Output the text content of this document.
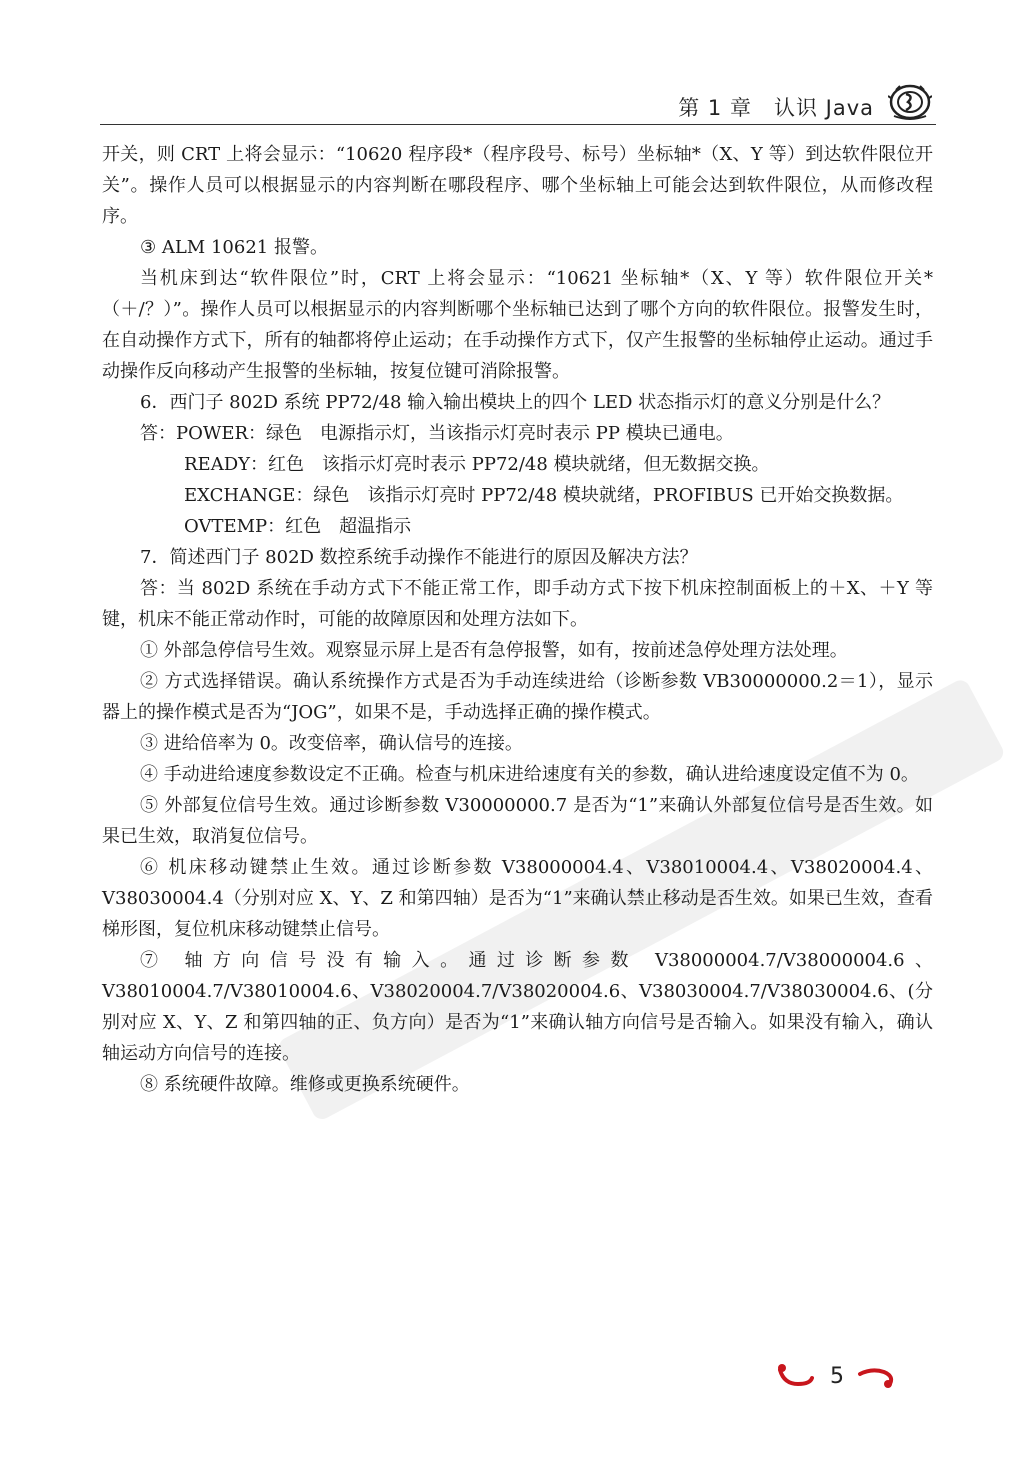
第 1 章　认识 Java

开关，则 CRT 上将会显示：“10620 程序段*（程序段号、标号）坐标轴*（X、Y 等）到达软件限位开关”。操作人员可以根据显示的内容判断在哪段程序、哪个坐标轴上可能会达到软件限位，从而修改程序。

③ ALM 10621 报警。

当机床到达“软件限位”时，CRT 上将会显示：“10621 坐标轴*（X、Y 等）软件限位开关*（＋/？）”。操作人员可以根据显示的内容判断哪个坐标轴已达到了哪个方向的软件限位。报警发生时，在自动操作方式下，所有的轴都将停止运动；在手动操作方式下，仅产生报警的坐标轴停止运动。通过手动操作反向移动产生报警的坐标轴，按复位键可消除报警。

6．西门子 802D 系统 PP72/48 输入输出模块上的四个 LED 状态指示灯的意义分别是什么？

答：POWER：绿色　电源指示灯，当该指示灯亮时表示 PP 模块已通电。

READY：红色　该指示灯亮时表示 PP72/48 模块就绪，但无数据交换。

EXCHANGE：绿色　该指示灯亮时 PP72/48 模块就绪，PROFIBUS 已开始交换数据。

OVTEMP：红色　超温指示

7．简述西门子 802D 数控系统手动操作不能进行的原因及解决方法？

答：当 802D 系统在手动方式下不能正常工作，即手动方式下按下机床控制面板上的＋X、＋Y 等键，机床不能正常动作时，可能的故障原因和处理方法如下。

① 外部急停信号生效。观察显示屏上是否有急停报警，如有，按前述急停处理方法处理。

② 方式选择错误。确认系统操作方式是否为手动连续进给（诊断参数 VB30000000.2＝1），显示器上的操作模式是否为“JOG”，如果不是，手动选择正确的操作模式。

③ 进给倍率为 0。改变倍率，确认信号的连接。

④ 手动进给速度参数设定不正确。检查与机床进给速度有关的参数，确认进给速度设定值不为 0。

⑤ 外部复位信号生效。通过诊断参数 V30000000.7 是否为“1”来确认外部复位信号是否生效。如果已生效，取消复位信号。

⑥ 机床移动键禁止生效。通过诊断参数 V38000004.4、V38010004.4、V38020004.4、V38030004.4（分别对应 X、Y、Z 和第四轴）是否为“1”来确认禁止移动是否生效。如果已生效，查看梯形图，复位机床移动键禁止信号。

⑦ 轴方向信号没有输入。通过诊断参数 V38000004.7/V38000004.6、V38010004.7/V38010004.6、V38020004.7/V38020004.6、V38030004.7/V38030004.6、(分别对应 X、Y、Z 和第四轴的正、负方向）是否为“1”来确认轴方向信号是否输入。如果没有输入，确认轴运动方向信号的连接。

⑧ 系统硬件故障。维修或更换系统硬件。

5
